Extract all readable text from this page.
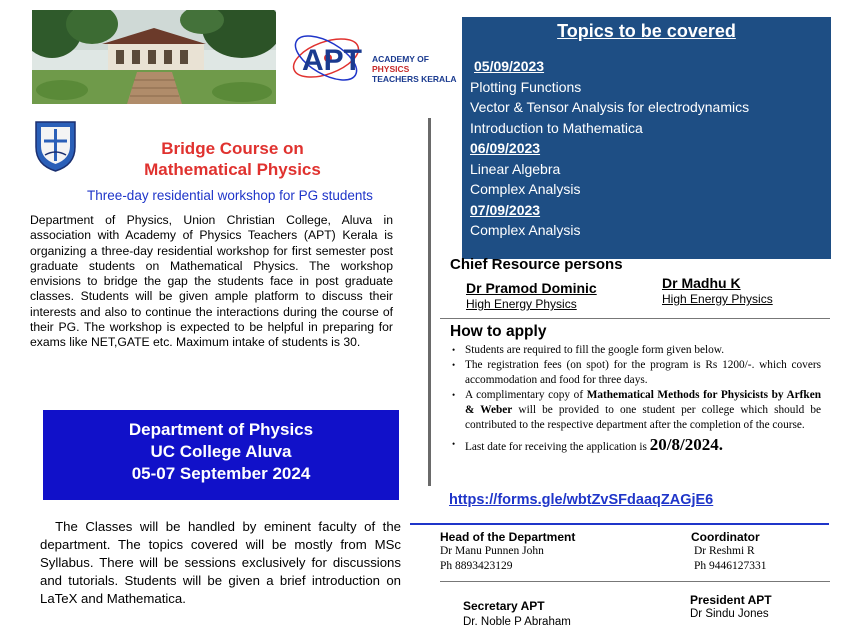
APT ACADEMY OF
PHYSICS
TEACHERS KERALA
Bridge Course on
Mathematical Physics
Three-day residential workshop for PG students
Department of Physics, Union Christian College, Aluva in association with Academy of Physics Teachers (APT) Kerala is organizing a three-day residential workshop for first semester post graduate students on Mathematical Physics. The workshop envisions to bridge the gap the students face in post graduate classes. Students will be given ample platform to discuss their interests and also to continue the interactions during the course of their PG. The workshop is expected to be helpful in preparing for exams like NET,GATE etc. Maximum intake of students is 30.
Department of Physics
UC College Aluva
05-07 September 2024
The Classes will be handled by eminent faculty of the department. The topics covered will be mostly from MSc Syllabus. There will be sessions exclusively for discussions and tutorials. Students will be given a brief introduction on LaTeX and Mathematica.
Topics to be covered
05/09/2023
Plotting Functions
Vector & Tensor Analysis for electrodynamics
Introduction to Mathematica
06/09/2023
Linear Algebra
Complex Analysis
07/09/2023
Complex Analysis
Chief Resource persons
Dr Pramod Dominic
High Energy Physics
Dr Madhu K
High Energy Physics
How to apply
• Students are required to fill the google form given below.
• The registration fees (on spot) for the program is Rs 1200/-. which covers accommodation and food for three days.
• A complimentary copy of Mathematical Methods for Physicists by Arfken & Weber will be provided to one student per college which should be contributed to the respective department after the completion of the course.
• Last date for receiving the application is 20/8/2024.
https://forms.gle/wbtZvSFdaaqZAGjE6
Head of the Department
Dr Manu Punnen John
Ph 8893423129
Coordinator
Dr Reshmi R
Ph 9446127331
Secretary APT
Dr. Noble P Abraham
President APT
Dr Sindu Jones
